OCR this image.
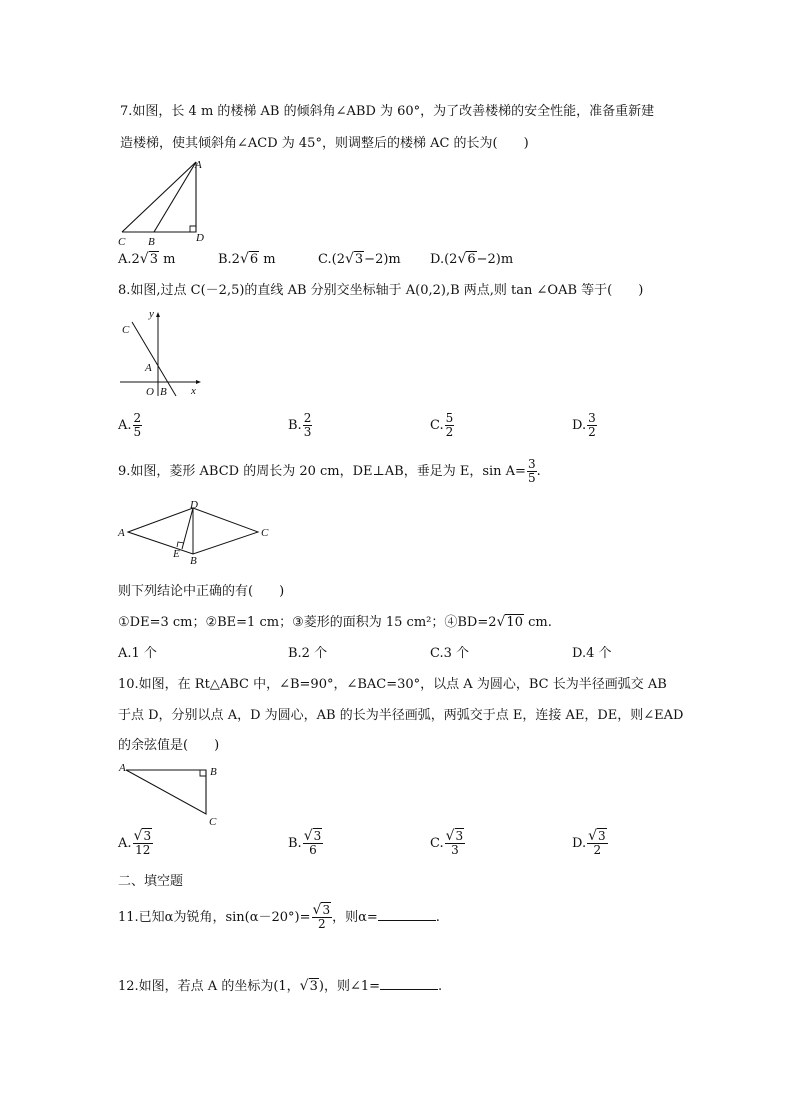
7.如图，长 4 m 的楼梯 AB 的倾斜角∠ABD 为 60°，为了改善楼梯的安全性能，准备重新建
造楼梯，使其倾斜角∠ACD 为 45°，则调整后的楼梯 AC 的长为(　　)
A
C B	D
A.2√3 m	B.2√6 m	C.(2√3−2)m D.(2√6−2)m
8.如图,过点 C(－2,5)的直线 AB 分别交坐标轴于 A(0,2),B 两点,则 tan ∠OAB 等于(　　)
C
y
A
O B x
A. $\frac{2}{5}$	B. $\frac{2}{3}$	C. $\frac{5}{2}$	D. $\frac{3}{2}$
9.如图，菱形 ABCD 的周长为 20 cm，DE⊥AB，垂足为 E，$\sin A= \frac{3}{5}$ .
A
D
C
E
B
则下列结论中正确的有(　　)
①DE=3 cm；②BE=1 cm；③菱形的面积为 15 cm²；④BD=2√10 cm.
A.1 个	B.2 个	C.3 个	D.4 个
10.如图，在 Rt△ABC 中，∠B=90°，∠BAC=30°，以点 A 为圆心，BC 长为半径画弧交 AB
于点 D，分别以点 A，D 为圆心，AB 的长为半径画弧，两弧交于点 E，连接 AE，DE，则∠EAD
的余弦值是(　　)
A	B
C
A. $\frac{√3}{12}$	B. $\frac{√3}{6}$	C. $\frac{√3}{3}$	D. $\frac{√3}{2}$
二、填空题
11.已知α为锐角，$\sin(\alpha-20^\circ)= \frac{√3}{2}$ ，则α=	.
12.如图，若点 A 的坐标为(1，√3)，则∠1=	.
